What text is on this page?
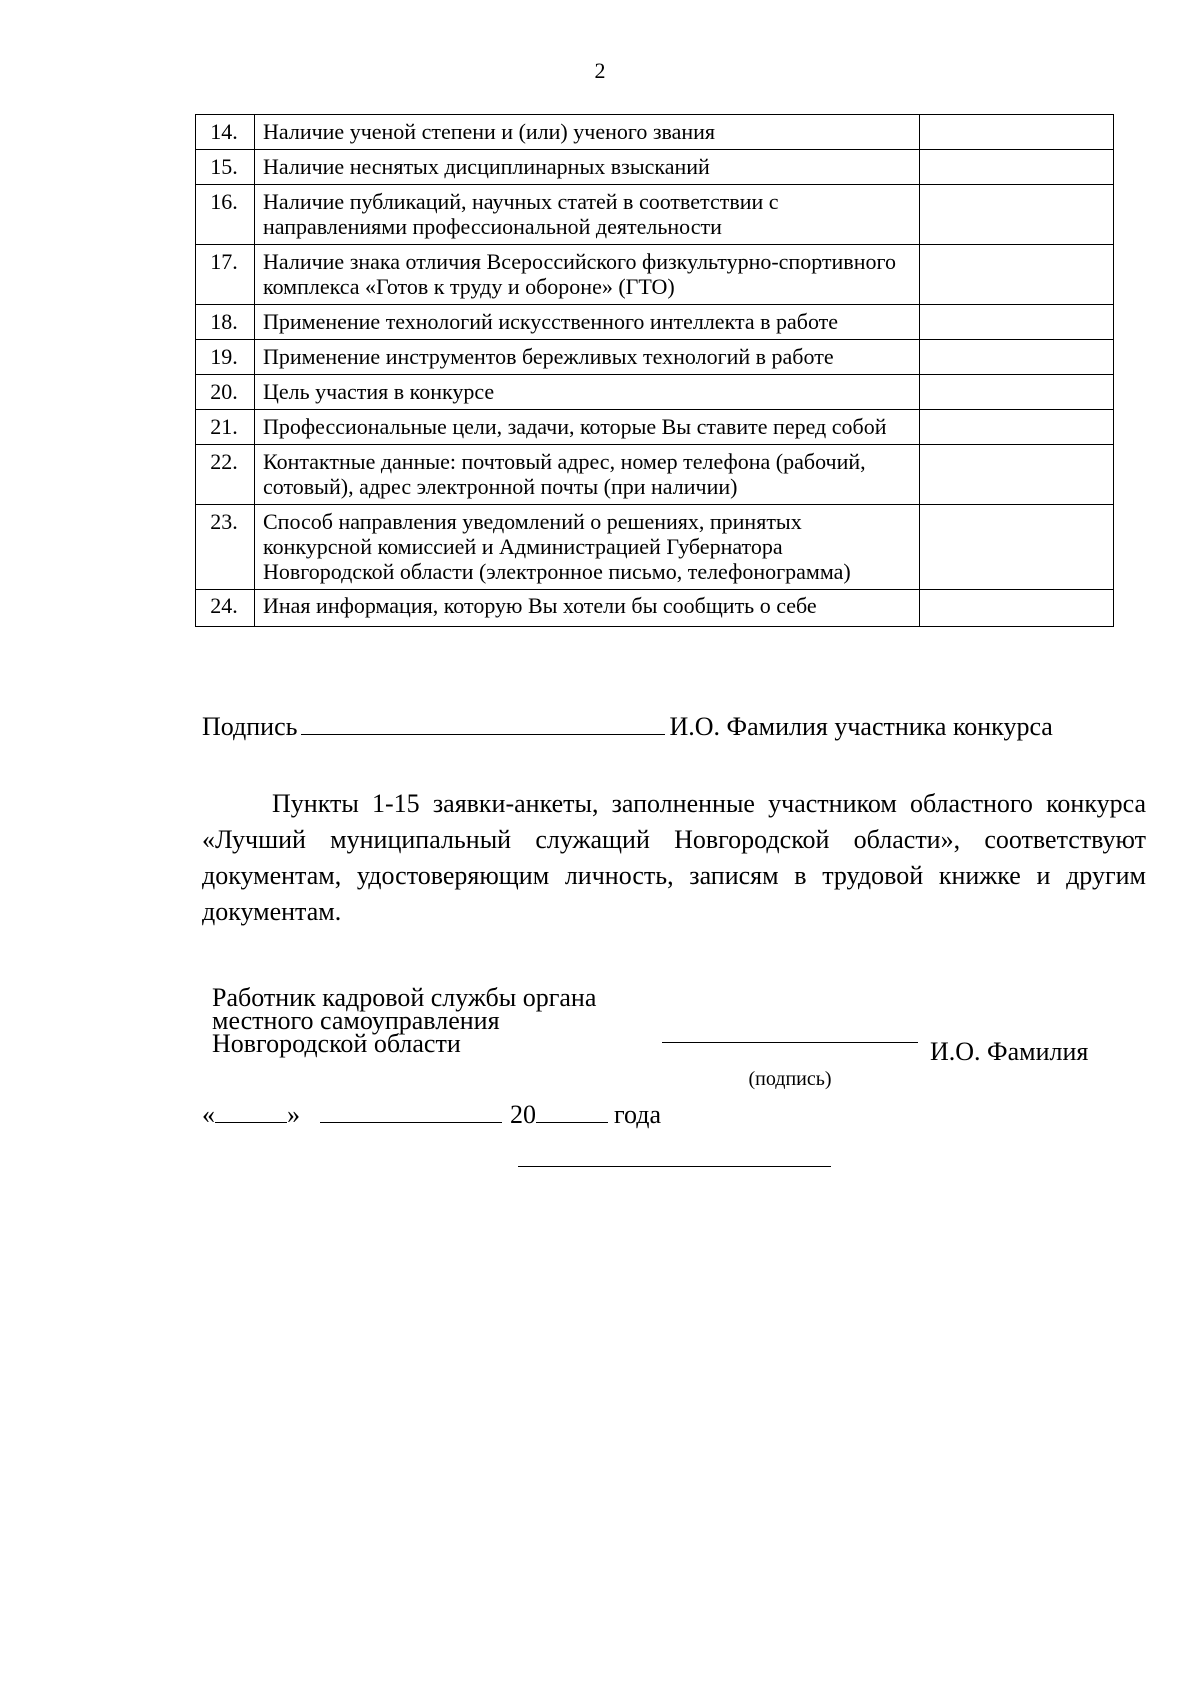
2
14.	Наличие ученой степени и (или) ученого звания	
15.	Наличие неснятых дисциплинарных взысканий	
16.	Наличие публикаций, научных статей в соответствии с направлениями профессиональной деятельности	
17.	Наличие знака отличия Всероссийского физкультурно-спортивного комплекса «Готов к труду и обороне» (ГТО)	
18.	Применение технологий искусственного интеллекта в работе	
19.	Применение инструментов бережливых технологий в работе	
20.	Цель участия в конкурсе	
21.	Профессиональные цели, задачи, которые Вы ставите перед собой	
22.	Контактные данные: почтовый адрес, номер телефона (рабочий, сотовый), адрес электронной почты (при наличии)	
23.	Способ направления уведомлений о решениях, принятых конкурсной комиссией и Администрацией Губернатора Новгородской области (электронное письмо, телефонограмма)	
24.	Иная информация, которую Вы хотели бы сообщить о себе	
Подпись	И.О. Фамилия участника конкурса
Пункты 1-15 заявки-анкеты, заполненные участником областного конкурса «Лучший муниципальный служащий Новгородской области», соответствуют документам, удостоверяющим личность, записям в трудовой книжке и другим документам.
Работник кадровой службы органа
местного самоуправления
Новгородской области
(подпись)
И.О. Фамилия
«	»	20	года
